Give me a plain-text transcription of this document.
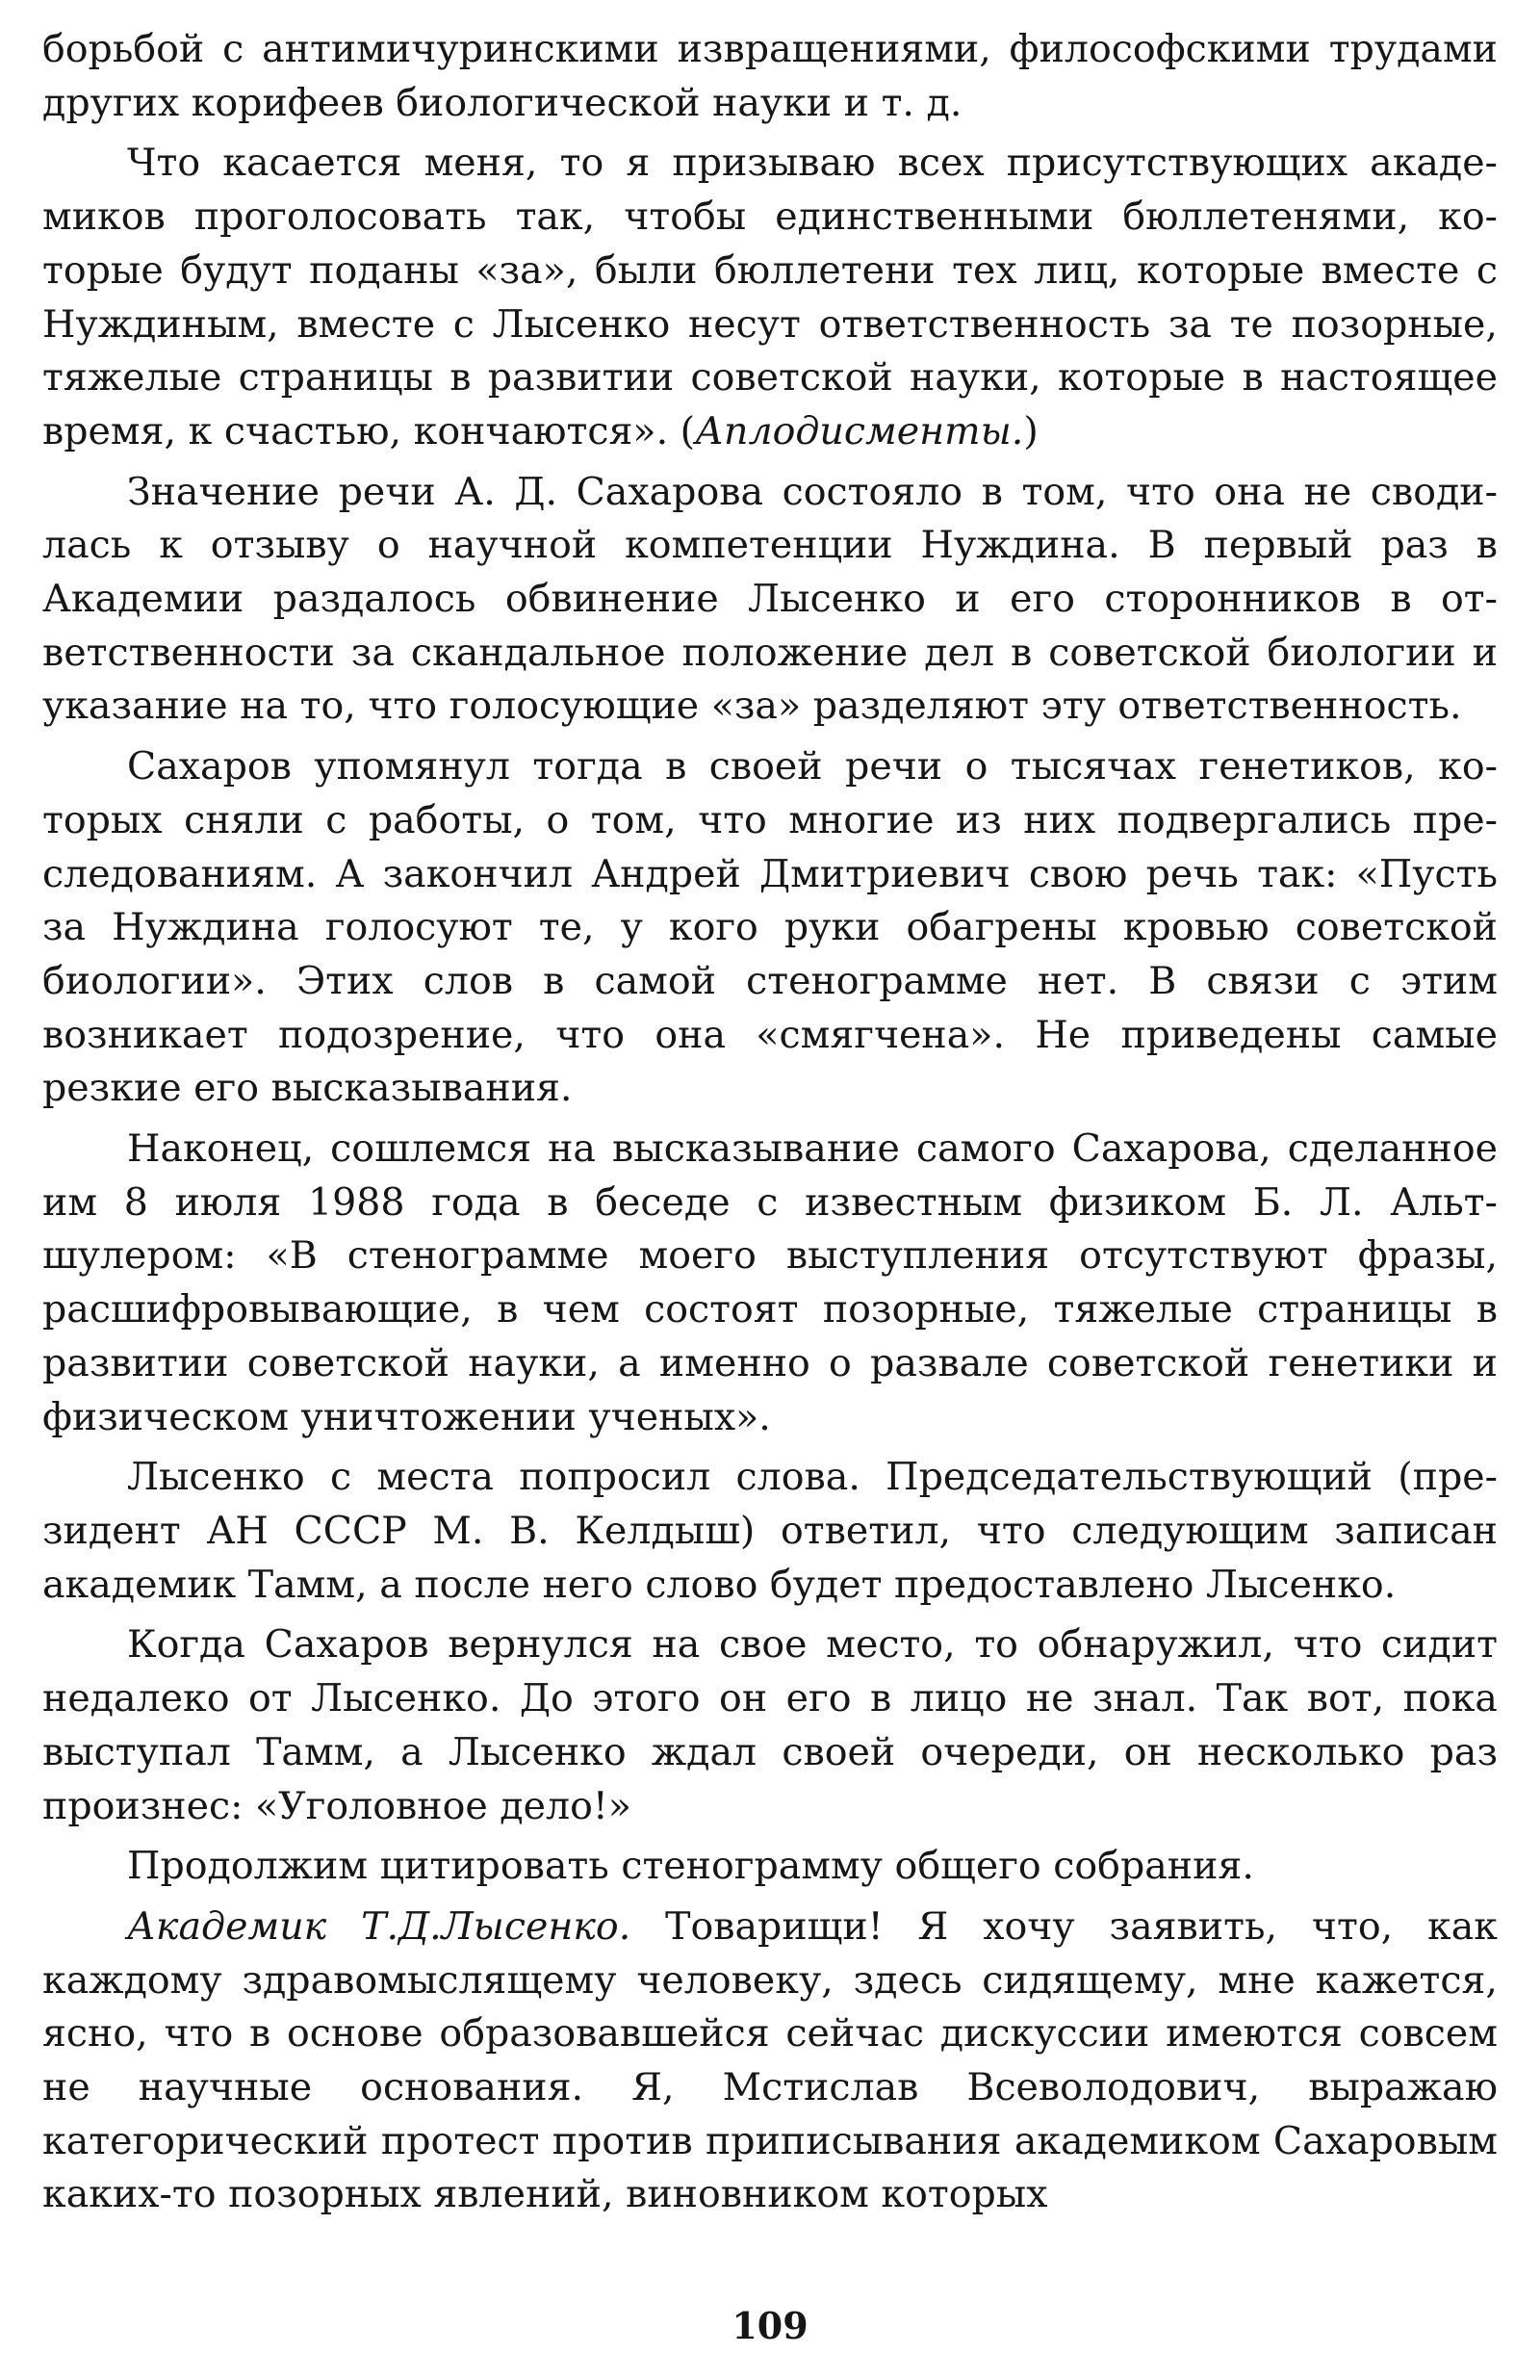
борьбой с антимичуринскими извращениями, философскими трудами других корифеев биологической науки и т. д.

Что касается меня, то я призываю всех присутствующих академиков проголосовать так, чтобы единственными бюллетенями, которые будут поданы «за», были бюллетени тех лиц, которые вместе с Нуждиным, вместе с Лысенко несут ответственность за те позорные, тяжелые страницы в развитии советской науки, которые в настоящее время, к счастью, кончаются». (Аплодисменты.)

Значение речи А. Д. Сахарова состояло в том, что она не сводилась к отзыву о научной компетенции Нуждина. В первый раз в Академии раздалось обвинение Лысенко и его сторонников в ответственности за скандальное положение дел в советской биологии и указание на то, что голосующие «за» разделяют эту ответственность.

Сахаров упомянул тогда в своей речи о тысячах генетиков, которых сняли с работы, о том, что многие из них подвергались преследованиям. А закончил Андрей Дмитриевич свою речь так: «Пусть за Нуждина голосуют те, у кого руки обагрены кровью советской биологии». Этих слов в самой стенограмме нет. В связи с этим возникает подозрение, что она «смягчена». Не приведены самые резкие его высказывания.

Наконец, сошлемся на высказывание самого Сахарова, сделанное им 8 июля 1988 года в беседе с известным физиком Б. Л. Альтшулером: «В стенограмме моего выступления отсутствуют фразы, расшифровывающие, в чем состоят позорные, тяжелые страницы в развитии советской науки, а именно о развале советской генетики и физическом уничтожении ученых».

Лысенко с места попросил слова. Председательствующий (президент АН СССР М. В. Келдыш) ответил, что следующим записан академик Тамм, а после него слово будет предоставлено Лысенко.

Когда Сахаров вернулся на свое место, то обнаружил, что сидит недалеко от Лысенко. До этого он его в лицо не знал. Так вот, пока выступал Тамм, а Лысенко ждал своей очереди, он несколько раз произнес: «Уголовное дело!»

Продолжим цитировать стенограмму общего собрания.

Академик Т.Д.Лысенко. Товарищи! Я хочу заявить, что, как каждому здравомыслящему человеку, здесь сидящему, мне кажется, ясно, что в основе образовавшейся сейчас дискуссии имеются совсем не научные основания. Я, Мстислав Всеволодович, выражаю категорический протест против приписывания академиком Сахаровым каких-то позорных явлений, виновником которых

109
